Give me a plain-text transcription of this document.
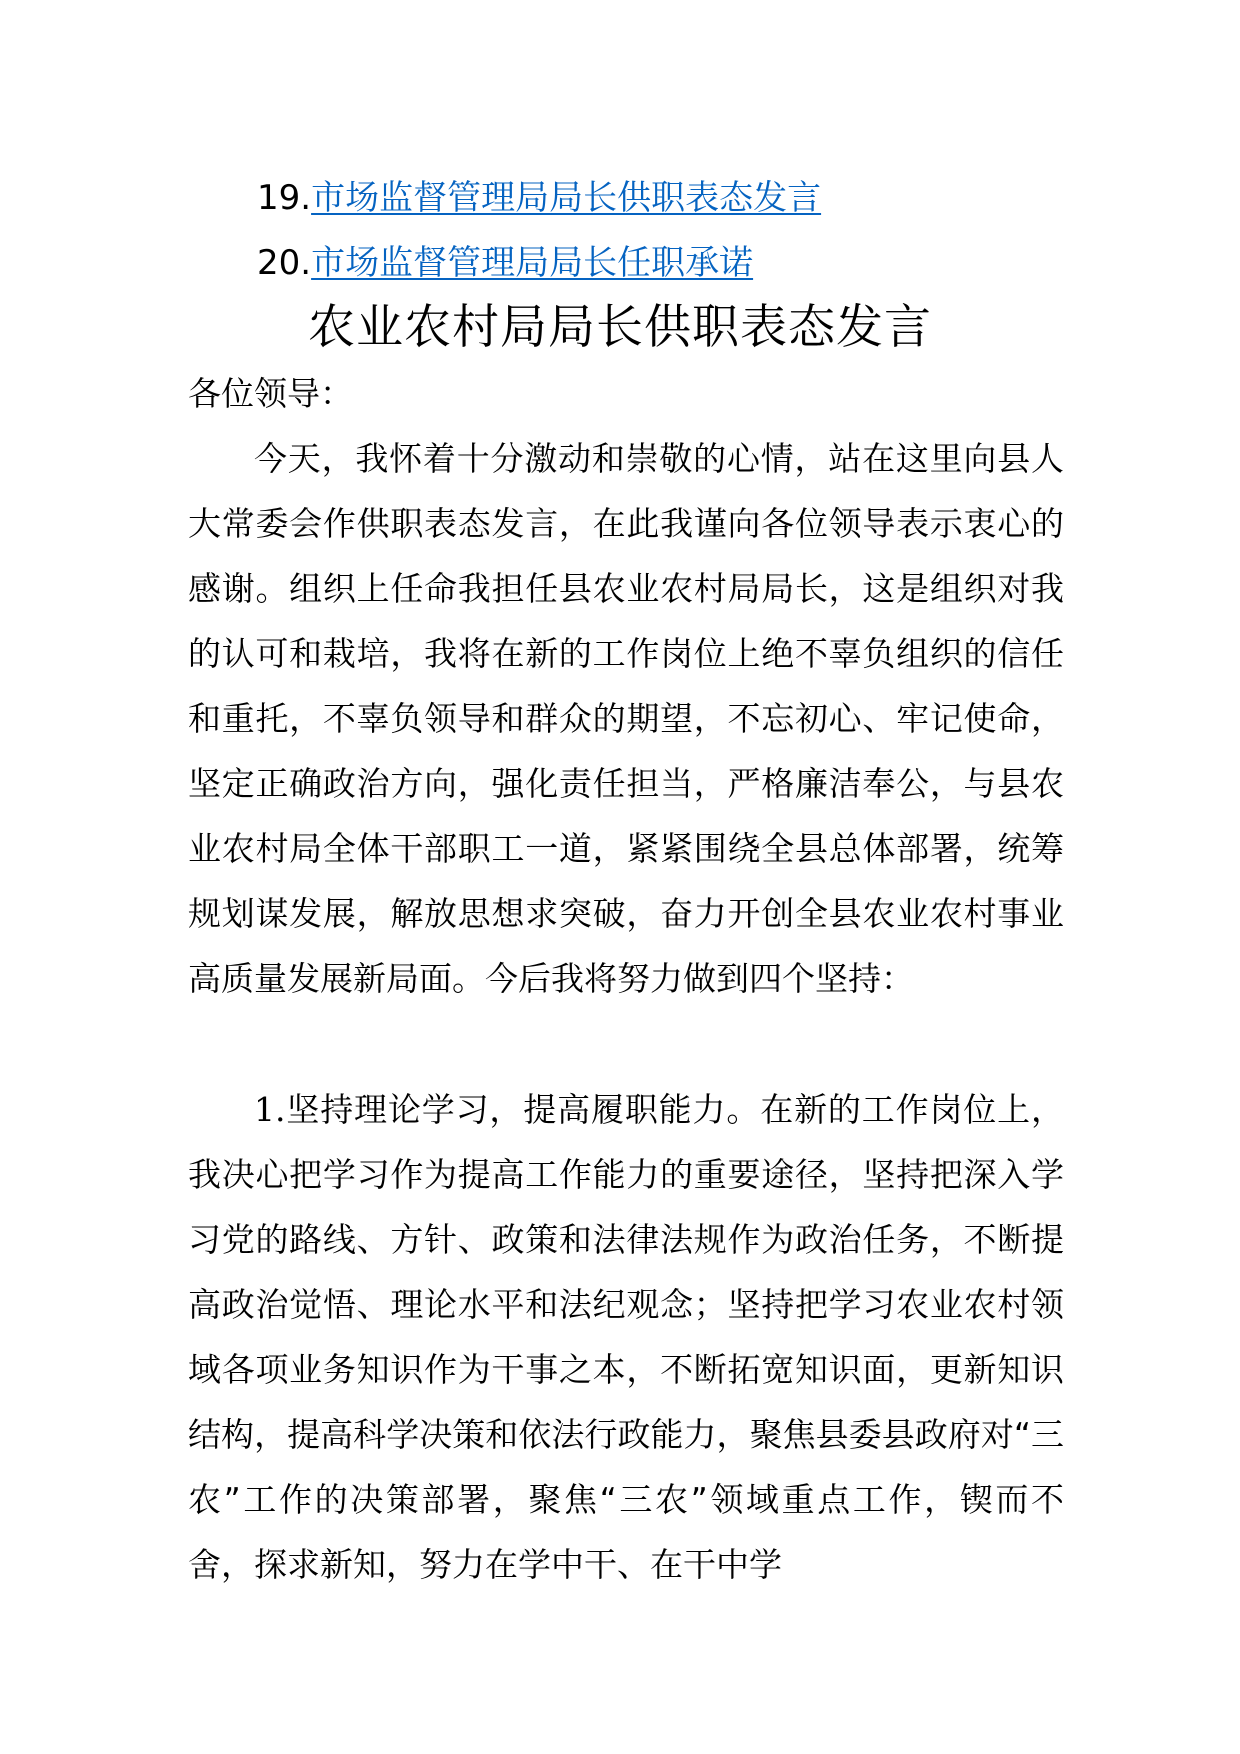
19.市场监督管理局局长供职表态发言
20.市场监督管理局局长任职承诺
农业农村局局长供职表态发言
各位领导：
今天，我怀着十分激动和崇敬的心情，站在这里向县人大常委会作供职表态发言，在此我谨向各位领导表示衷心的感谢。组织上任命我担任县农业农村局局长，这是组织对我的认可和栽培，我将在新的工作岗位上绝不辜负组织的信任和重托，不辜负领导和群众的期望，不忘初心、牢记使命，坚定正确政治方向，强化责任担当，严格廉洁奉公，与县农业农村局全体干部职工一道，紧紧围绕全县总体部署，统筹规划谋发展，解放思想求突破，奋力开创全县农业农村事业高质量发展新局面。今后我将努力做到四个坚持：
1.坚持理论学习，提高履职能力。在新的工作岗位上，我决心把学习作为提高工作能力的重要途径，坚持把深入学习党的路线、方针、政策和法律法规作为政治任务，不断提高政治觉悟、理论水平和法纪观念；坚持把学习农业农村领域各项业务知识作为干事之本，不断拓宽知识面，更新知识结构，提高科学决策和依法行政能力，聚焦县委县政府对“三农”工作的决策部署，聚焦“三农”领域重点工作，锲而不舍，探求新知，努力在学中干、在干中学
